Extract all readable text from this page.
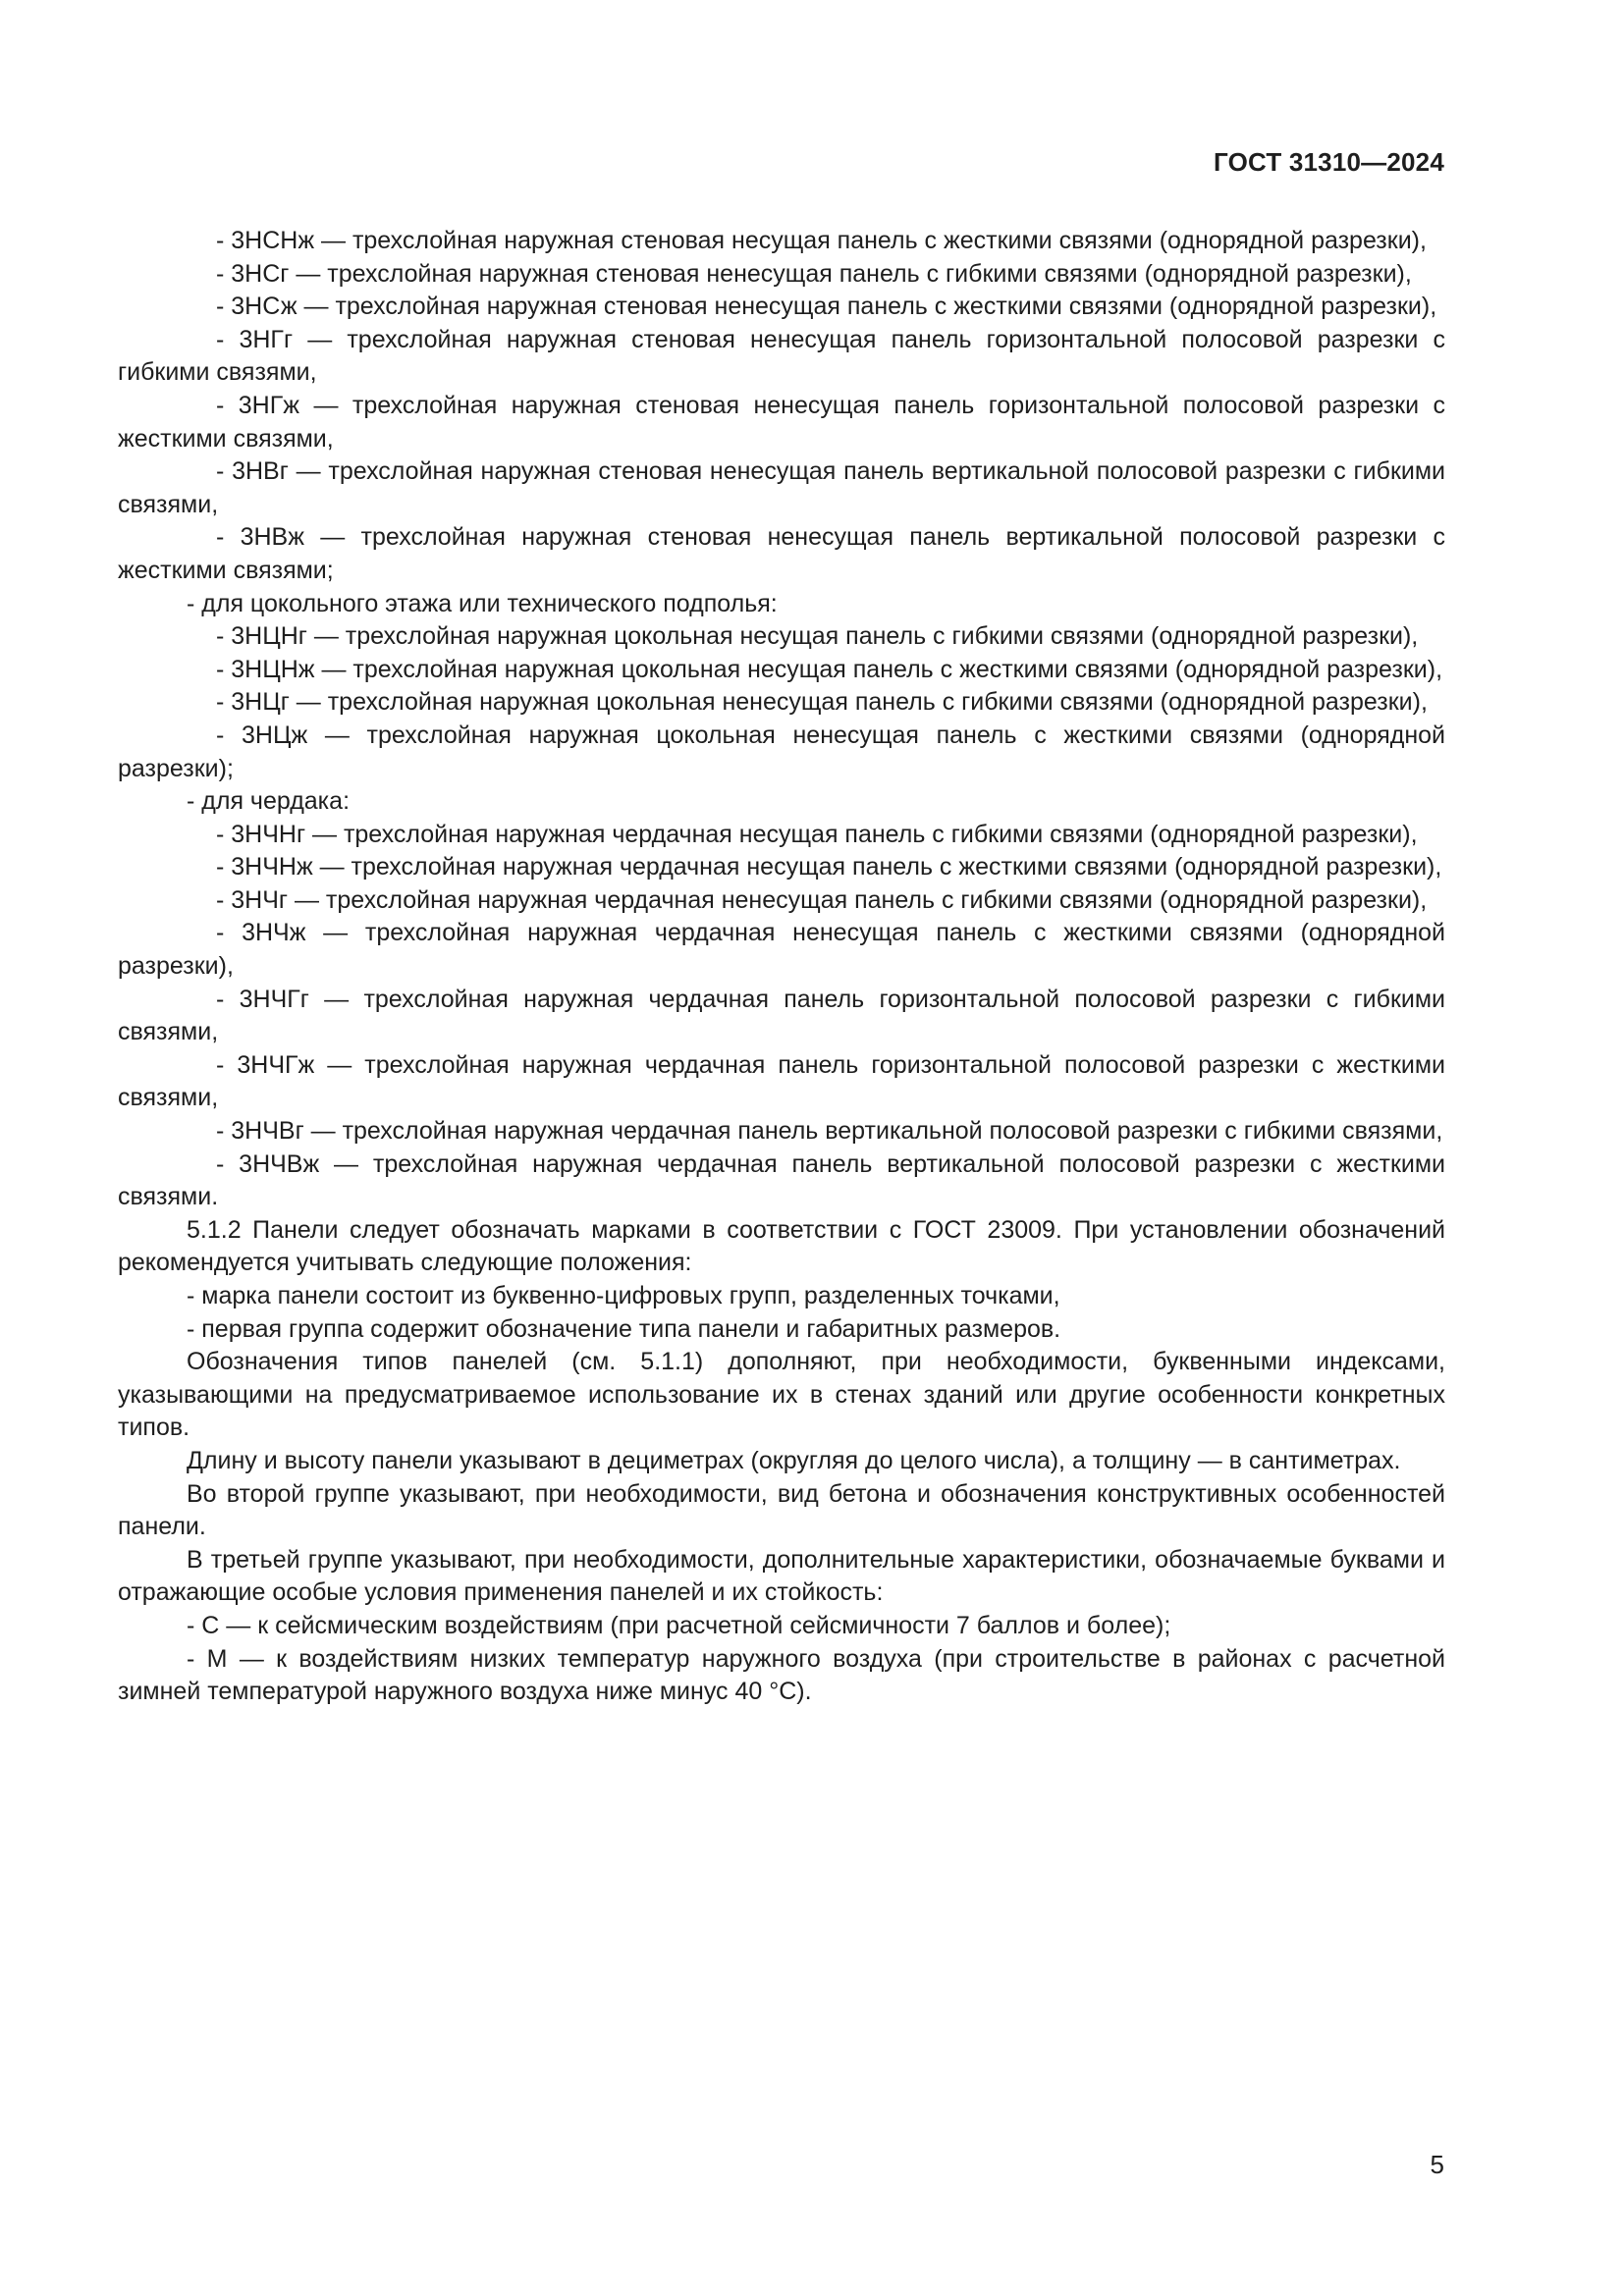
ГОСТ 31310—2024

- 3НСНж — трехслойная наружная стеновая несущая панель с жесткими связями (однорядной разрезки),

- 3НСг — трехслойная наружная стеновая ненесущая панель с гибкими связями (однорядной разрезки),

- 3НСж — трехслойная наружная стеновая ненесущая панель с жесткими связями (однорядной разрезки),

- 3НГг — трехслойная наружная стеновая ненесущая панель горизонтальной полосовой разрезки с гибкими связями,

- 3НГж — трехслойная наружная стеновая ненесущая панель горизонтальной полосовой разрезки с жесткими связями,

- 3НВг — трехслойная наружная стеновая ненесущая панель вертикальной полосовой разрезки с гибкими связями,

- 3НВж — трехслойная наружная стеновая ненесущая панель вертикальной полосовой разрезки с жесткими связями;

- для цокольного этажа или технического подполья:

- 3НЦНг — трехслойная наружная цокольная несущая панель с гибкими связями (однорядной разрезки),

- 3НЦНж — трехслойная наружная цокольная несущая панель с жесткими связями (однорядной разрезки),

- 3НЦг — трехслойная наружная цокольная ненесущая панель с гибкими связями (однорядной разрезки),

- 3НЦж — трехслойная наружная цокольная ненесущая панель с жесткими связями (однорядной разрезки);

- для чердака:

- 3НЧНг — трехслойная наружная чердачная несущая панель с гибкими связями (однорядной разрезки),

- 3НЧНж — трехслойная наружная чердачная несущая панель с жесткими связями (однорядной разрезки),

- 3НЧг — трехслойная наружная чердачная ненесущая панель с гибкими связями (однорядной разрезки),

- 3НЧж — трехслойная наружная чердачная ненесущая панель с жесткими связями (однорядной разрезки),

- 3НЧГг — трехслойная наружная чердачная панель горизонтальной полосовой разрезки с гибкими связями,

- 3НЧГж — трехслойная наружная чердачная панель горизонтальной полосовой разрезки с жесткими связями,

- 3НЧВг — трехслойная наружная чердачная панель вертикальной полосовой разрезки с гибкими связями,

- 3НЧВж — трехслойная наружная чердачная панель вертикальной полосовой разрезки с жесткими связями.

5.1.2 Панели следует обозначать марками в соответствии с ГОСТ 23009. При установлении обозначений рекомендуется учитывать следующие положения:

- марка панели состоит из буквенно-цифровых групп, разделенных точками,

- первая группа содержит обозначение типа панели и габаритных размеров.

Обозначения типов панелей (см. 5.1.1) дополняют, при необходимости, буквенными индексами, указывающими на предусматриваемое использование их в стенах зданий или другие особенности конкретных типов.

Длину и высоту панели указывают в дециметрах (округляя до целого числа), а толщину — в сантиметрах.

Во второй группе указывают, при необходимости, вид бетона и обозначения конструктивных особенностей панели.

В третьей группе указывают, при необходимости, дополнительные характеристики, обозначаемые буквами и отражающие особые условия применения панелей и их стойкость:

- С — к сейсмическим воздействиям (при расчетной сейсмичности 7 баллов и более);

- М — к воздействиям низких температур наружного воздуха (при строительстве в районах с расчетной зимней температурой наружного воздуха ниже минус 40 °С).

5
